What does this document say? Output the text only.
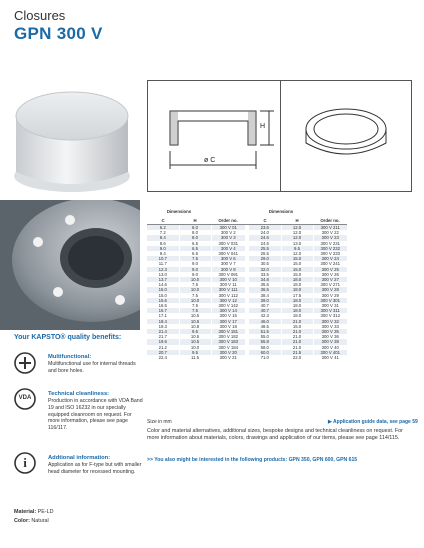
Closures
GPN 300 V
H
ø C
Your KAPSTO® quality benefits:
Multifunctional:
Multifunctional use for internal threads and bore holes.
VDA
Technical cleanliness:
Production in accordance with VDA Band 19 and ISO 16232 in our specially equipped cleanroom on request. For more information, please see page 116/117.
i	Addtional information:
Application as for F-type but with smaller head diameter for recessed mounting.
Material: PE-LD
Color: Natural
Dimensions				Dimensions		
C	H	Order no.		C	H	Order no.
6.2	8.0	300 V 01		23.6	12.0	300 V 211
7.2	8.0	300 V 2		24.0	12.0	300 V 22
8.4	8.0	300 V 3		24.6	12.0	300 V 23
8.6	6.5	300 V 031		24.5	13.0	300 V 231
9.0	6.5	300 V 4		25.5	9.5	300 V 232
9.4	6.5	300 V 041		26.5	12.0	300 V 233
10.7	7.5	300 V 6		29.0	15.0	300 V 24
11.7	9.0	300 V 7		30.5	15.0	300 V 241
12.3	9.0	300 V 8		32.0	15.0	300 V 25
13.0	9.0	300 V 091		33.5	15.0	300 V 26
13.7	10.0	300 V 10		34.8	18.0	300 V 27
14.6	7.5	300 V 11		35.5	18.0	300 V 271
15.0	10.0	300 V 111		36.5	18.0	300 V 28
15.0	7.5	300 V 112		38.4	17.5	300 V 29
15.6	10.0	300 V 12		39.0	18.0	300 V 301
16.5	7.5	300 V 142		40.7	18.0	300 V 31
16.7	7.5	300 V 14		40.7	18.0	300 V 311
17.1	10.5	300 V 15		42.3	18.0	300 V 312
18.4	10.5	300 V 17		46.0	21.0	300 V 32
19.3	10.8	300 V 18		48.5	15.0	300 V 33
21.4	9.5	300 V 181		51.5	21.0	300 V 35
21.7	10.5	300 V 182		55.0	21.0	300 V 36
19.6	10.5	300 V 183		55.8	21.0	300 V 38
21.2	10.0	300 V 184		58.0	21.0	300 V 40
20.7	9.5	300 V 20		60.0	21.5	300 V 401
22.4	11.5	300 V 21		71.0	22.0	300 V 41
Size in mm	▶ Application guide data, see page 59
Color and material alternatives, additional sizes, bespoke designs and technical cleanliness on request. For more information about materials, colors, drawings and application of our items, please see page 114/115.
>> You also might be interested in the following products: GPN 350, GPN 600, GPN 615
